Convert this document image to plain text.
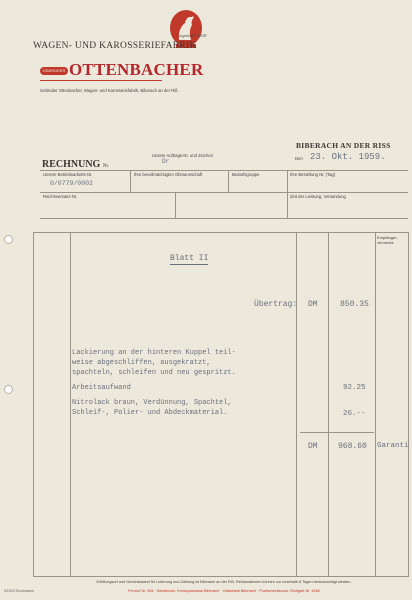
Gegründet 1818
WAGEN- UND KAROSSERIEFABRIK
GEBRÜDER OTTENBACHER
Gebrüder Ottenbacher, Wagen- und Karosseriefabrik, Biberach an der Riß
BIBERACH AN DER RISS
Unsere Auftrags-Nr. und Zeichen
Dr	Den 23. Okt. 1959.
RECHNUNG Nr.
Unsere Betriebsarbeits-Nr.
0/0779/0002
Ihre bevollmächtigten Obmannschaft	Bedarfsgruppe	Ihre Bestellung Nr. (Tag)
Reichsversanz-Nr.	Zeit der Leistung, Versandung
Empfänger-vermerke
Blatt II
Übertrag: DM	850.35
Lackierung an der hinteren Kuppel teil-
weise abgeschliffen, ausgekratzt,
spachteln, schleifen und neu gespritzt.
Arbeitsaufwand	92.25
Nitrolack braun, Verdünnung, Spachtel,
Schleif-, Polier- und Abdeckmaterial.	26.--
DM	968.60 Garanti
Erfüllungsort und Gerichtsstand für Lieferung und Zahlung ist Biberach an der Riß. Reklamationen können nur innerhalb 8 Tagen berücksichtigt werden.
Fernruf Nr. 561 · Bankkonto: Kreissparkasse Biberach · Volksbank Biberach · Postscheckkonto: Stuttgart Nr. 4465
53/303 Drucksache
